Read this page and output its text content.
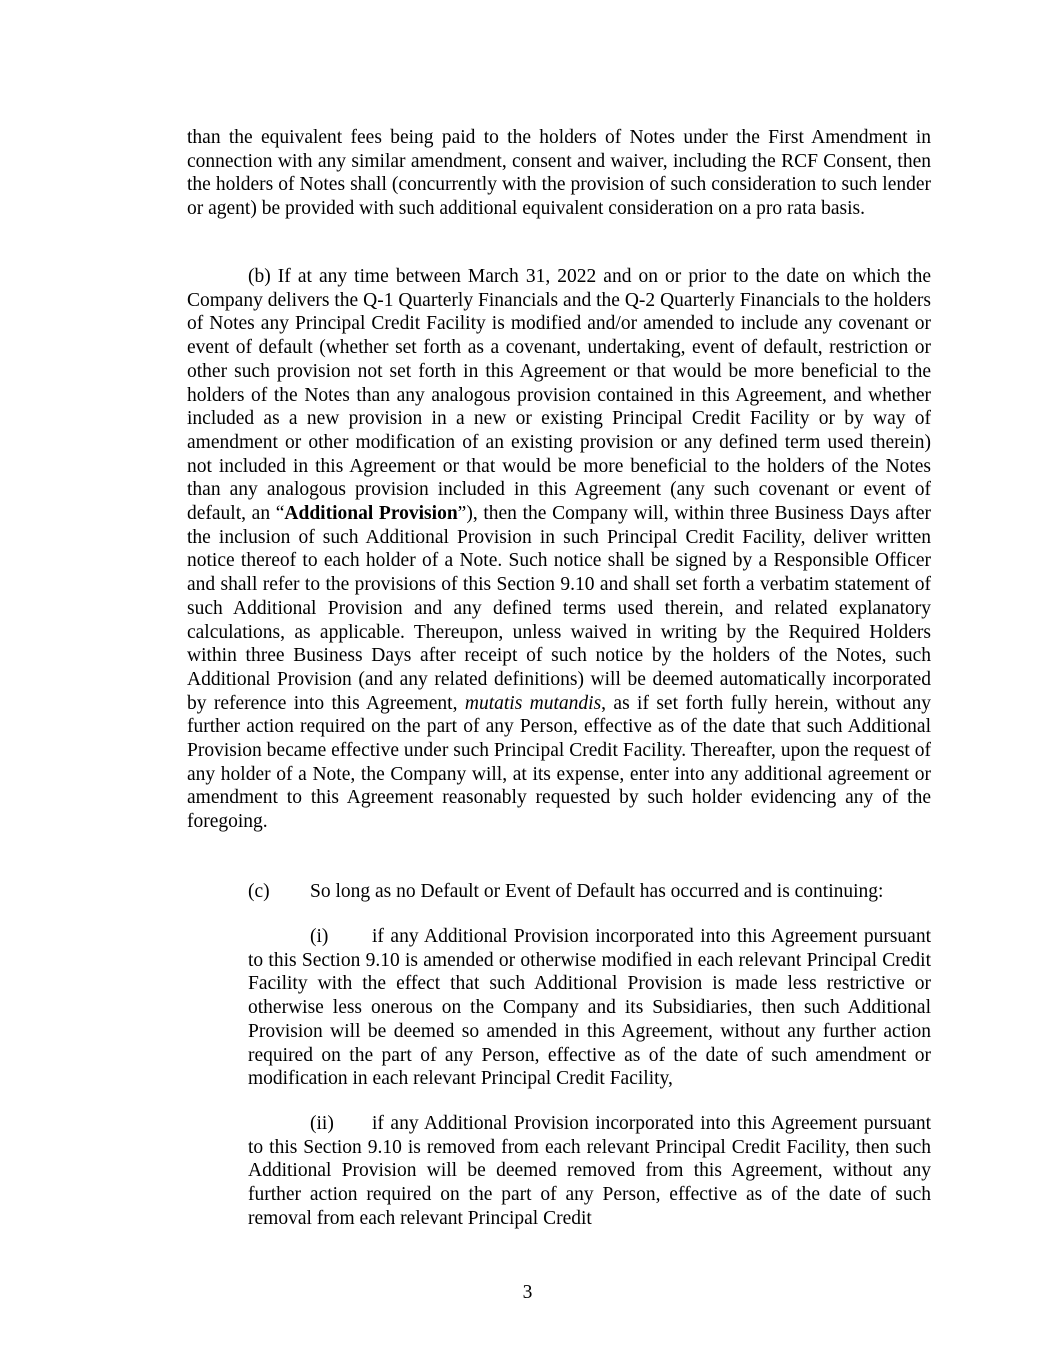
than the equivalent fees being paid to the holders of Notes under the First Amendment in connection with any similar amendment, consent and waiver, including the RCF Consent, then the holders of Notes shall (concurrently with the provision of such consideration to such lender or agent) be provided with such additional equivalent consideration on a pro rata basis.

(b) If at any time between March 31, 2022 and on or prior to the date on which the Company delivers the Q-1 Quarterly Financials and the Q-2 Quarterly Financials to the holders of Notes any Principal Credit Facility is modified and/or amended to include any covenant or event of default (whether set forth as a covenant, undertaking, event of default, restriction or other such provision not set forth in this Agreement or that would be more beneficial to the holders of the Notes than any analogous provision contained in this Agreement, and whether included as a new provision in a new or existing Principal Credit Facility or by way of amendment or other modification of an existing provision or any defined term used therein) not included in this Agreement or that would be more beneficial to the holders of the Notes than any analogous provision included in this Agreement (any such covenant or event of default, an “Additional Provision”), then the Company will, within three Business Days after the inclusion of such Additional Provision in such Principal Credit Facility, deliver written notice thereof to each holder of a Note. Such notice shall be signed by a Responsible Officer and shall refer to the provisions of this Section 9.10 and shall set forth a verbatim statement of such Additional Provision and any defined terms used therein, and related explanatory calculations, as applicable. Thereupon, unless waived in writing by the Required Holders within three Business Days after receipt of such notice by the holders of the Notes, such Additional Provision (and any related definitions) will be deemed automatically incorporated by reference into this Agreement, mutatis mutandis, as if set forth fully herein, without any further action required on the part of any Person, effective as of the date that such Additional Provision became effective under such Principal Credit Facility. Thereafter, upon the request of any holder of a Note, the Company will, at its expense, enter into any additional agreement or amendment to this Agreement reasonably requested by such holder evidencing any of the foregoing.

(c) So long as no Default or Event of Default has occurred and is continuing:

(i) if any Additional Provision incorporated into this Agreement pursuant to this Section 9.10 is amended or otherwise modified in each relevant Principal Credit Facility with the effect that such Additional Provision is made less restrictive or otherwise less onerous on the Company and its Subsidiaries, then such Additional Provision will be deemed so amended in this Agreement, without any further action required on the part of any Person, effective as of the date of such amendment or modification in each relevant Principal Credit Facility,

(ii) if any Additional Provision incorporated into this Agreement pursuant to this Section 9.10 is removed from each relevant Principal Credit Facility, then such Additional Provision will be deemed removed from this Agreement, without any further action required on the part of any Person, effective as of the date of such removal from each relevant Principal Credit

3
